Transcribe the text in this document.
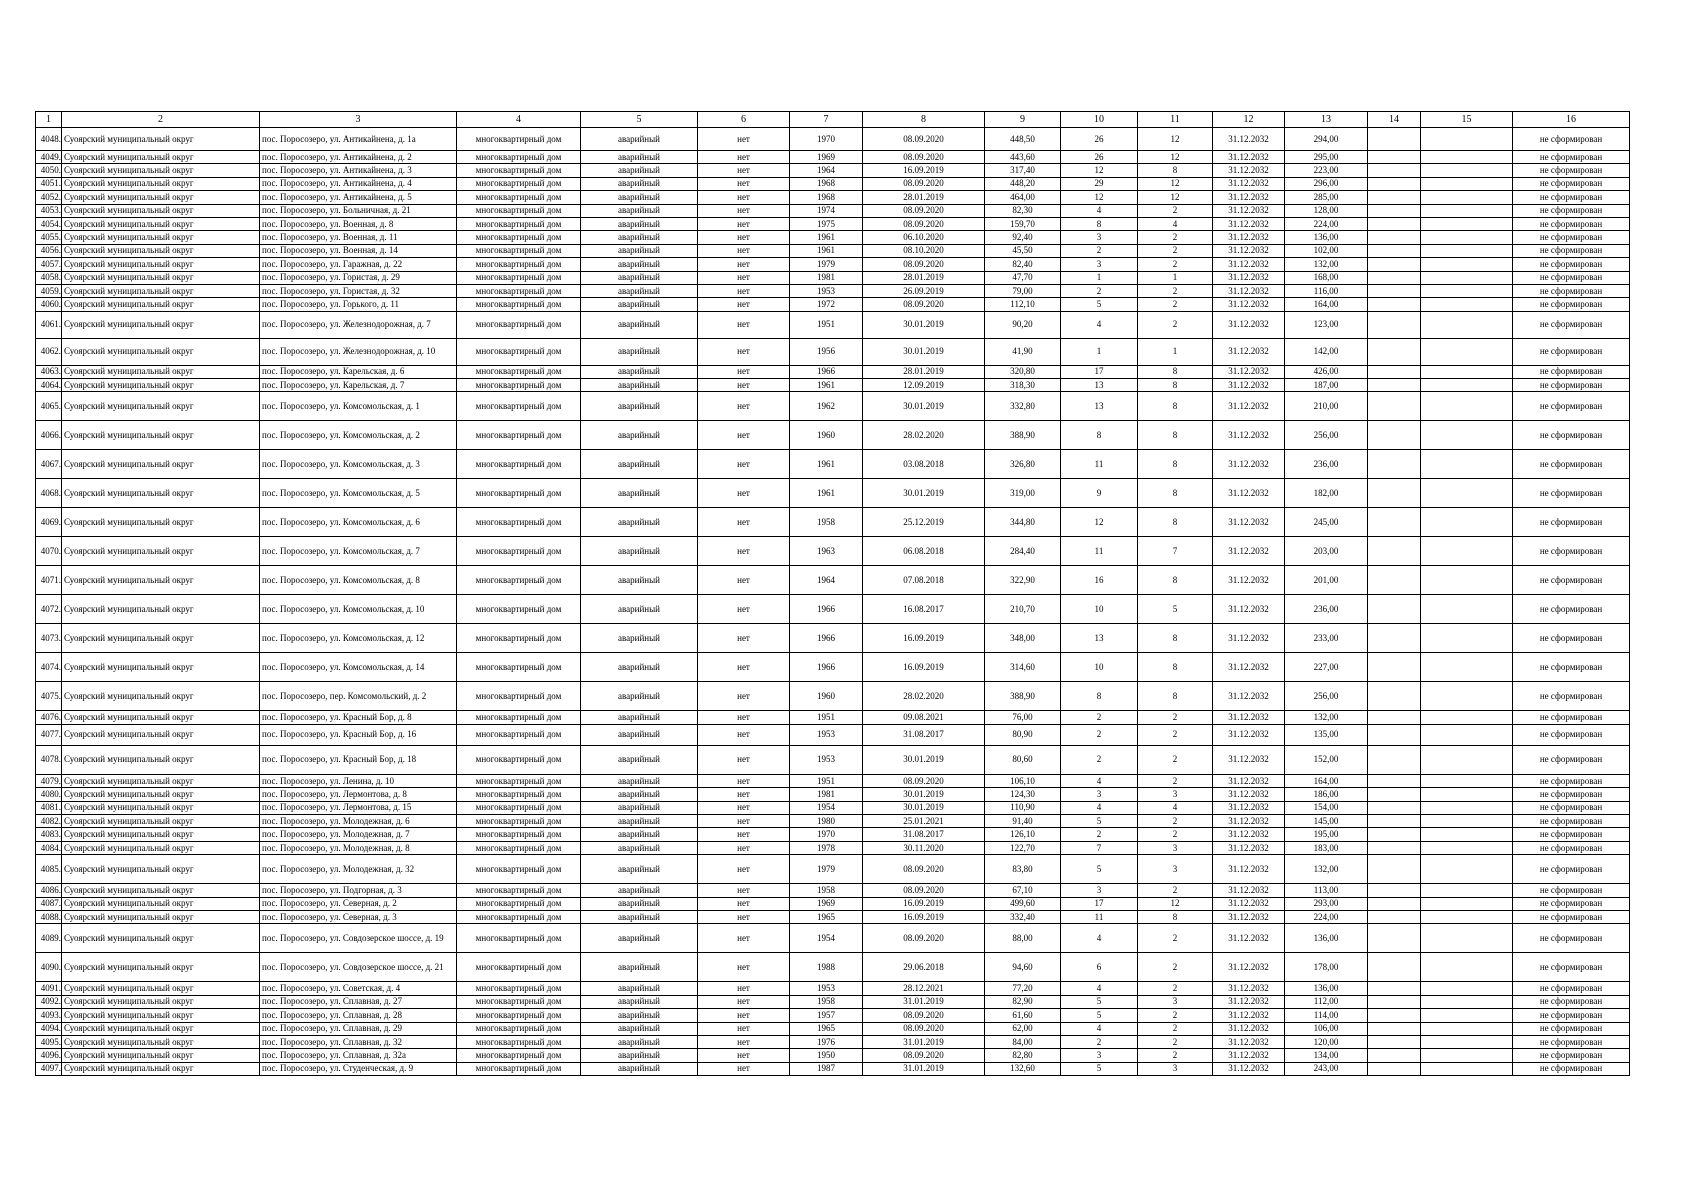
1	2	3	4	5	6	7	8	9	10	11	12	13	14	15	16
4048.	Суоярский муниципальный округ	пос. Поросозеро, ул. Антикайнена, д. 1а	многоквартирный дом	аварийный	нет	1970	08.09.2020	448,50	26	12	31.12.2032	294,00			не сформирован
4049.	Суоярский муниципальный округ	пос. Поросозеро, ул. Антикайнена, д. 2	многоквартирный дом	аварийный	нет	1969	08.09.2020	443,60	26	12	31.12.2032	295,00			не сформирован
4050.	Суоярский муниципальный округ	пос. Поросозеро, ул. Антикайнена, д. 3	многоквартирный дом	аварийный	нет	1964	16.09.2019	317,40	12	8	31.12.2032	223,00			не сформирован
4051.	Суоярский муниципальный округ	пос. Поросозеро, ул. Антикайнена, д. 4	многоквартирный дом	аварийный	нет	1968	08.09.2020	448,20	29	12	31.12.2032	296,00			не сформирован
4052.	Суоярский муниципальный округ	пос. Поросозеро, ул. Антикайнена, д. 5	многоквартирный дом	аварийный	нет	1968	28.01.2019	464,00	12	12	31.12.2032	285,00			не сформирован
4053.	Суоярский муниципальный округ	пос. Поросозеро, ул. Больничная, д. 21	многоквартирный дом	аварийный	нет	1974	08.09.2020	82,30	4	2	31.12.2032	128,00			не сформирован
4054.	Суоярский муниципальный округ	пос. Поросозеро, ул. Военная, д. 8	многоквартирный дом	аварийный	нет	1975	08.09.2020	159,70	8	4	31.12.2032	224,00			не сформирован
4055.	Суоярский муниципальный округ	пос. Поросозеро, ул. Военная, д. 11	многоквартирный дом	аварийный	нет	1961	06.10.2020	92,40	3	2	31.12.2032	136,00			не сформирован
4056.	Суоярский муниципальный округ	пос. Поросозеро, ул. Военная, д. 14	многоквартирный дом	аварийный	нет	1961	08.10.2020	45,50	2	2	31.12.2032	102,00			не сформирован
4057.	Суоярский муниципальный округ	пос. Поросозеро, ул. Гаражная, д. 22	многоквартирный дом	аварийный	нет	1979	08.09.2020	82,40	3	2	31.12.2032	132,00			не сформирован
4058.	Суоярский муниципальный округ	пос. Поросозеро, ул. Гористая, д. 29	многоквартирный дом	аварийный	нет	1981	28.01.2019	47,70	1	1	31.12.2032	168,00			не сформирован
4059.	Суоярский муниципальный округ	пос. Поросозеро, ул. Гористая, д. 32	многоквартирный дом	аварийный	нет	1953	26.09.2019	79,00	2	2	31.12.2032	116,00			не сформирован
4060.	Суоярский муниципальный округ	пос. Поросозеро, ул. Горького, д. 11	многоквартирный дом	аварийный	нет	1972	08.09.2020	112,10	5	2	31.12.2032	164,00			не сформирован
4061.	Суоярский муниципальный округ	пос. Поросозеро, ул. Железнодорожная, д. 7	многоквартирный дом	аварийный	нет	1951	30.01.2019	90,20	4	2	31.12.2032	123,00			не сформирован
4062.	Суоярский муниципальный округ	пос. Поросозеро, ул. Железнодорожная, д. 10	многоквартирный дом	аварийный	нет	1956	30.01.2019	41,90	1	1	31.12.2032	142,00			не сформирован
4063.	Суоярский муниципальный округ	пос. Поросозеро, ул. Карельская, д. 6	многоквартирный дом	аварийный	нет	1966	28.01.2019	320,80	17	8	31.12.2032	426,00			не сформирован
4064.	Суоярский муниципальный округ	пос. Поросозеро, ул. Карельская, д. 7	многоквартирный дом	аварийный	нет	1961	12.09.2019	318,30	13	8	31.12.2032	187,00			не сформирован
4065.	Суоярский муниципальный округ	пос. Поросозеро, ул. Комсомольская, д. 1	многоквартирный дом	аварийный	нет	1962	30.01.2019	332,80	13	8	31.12.2032	210,00			не сформирован
4066.	Суоярский муниципальный округ	пос. Поросозеро, ул. Комсомольская, д. 2	многоквартирный дом	аварийный	нет	1960	28.02.2020	388,90	8	8	31.12.2032	256,00			не сформирован
4067.	Суоярский муниципальный округ	пос. Поросозеро, ул. Комсомольская, д. 3	многоквартирный дом	аварийный	нет	1961	03.08.2018	326,80	11	8	31.12.2032	236,00			не сформирован
4068.	Суоярский муниципальный округ	пос. Поросозеро, ул. Комсомольская, д. 5	многоквартирный дом	аварийный	нет	1961	30.01.2019	319,00	9	8	31.12.2032	182,00			не сформирован
4069.	Суоярский муниципальный округ	пос. Поросозеро, ул. Комсомольская, д. 6	многоквартирный дом	аварийный	нет	1958	25.12.2019	344,80	12	8	31.12.2032	245,00			не сформирован
4070.	Суоярский муниципальный округ	пос. Поросозеро, ул. Комсомольская, д. 7	многоквартирный дом	аварийный	нет	1963	06.08.2018	284,40	11	7	31.12.2032	203,00			не сформирован
4071.	Суоярский муниципальный округ	пос. Поросозеро, ул. Комсомольская, д. 8	многоквартирный дом	аварийный	нет	1964	07.08.2018	322,90	16	8	31.12.2032	201,00			не сформирован
4072.	Суоярский муниципальный округ	пос. Поросозеро, ул. Комсомольская, д. 10	многоквартирный дом	аварийный	нет	1966	16.08.2017	210,70	10	5	31.12.2032	236,00			не сформирован
4073.	Суоярский муниципальный округ	пос. Поросозеро, ул. Комсомольская, д. 12	многоквартирный дом	аварийный	нет	1966	16.09.2019	348,00	13	8	31.12.2032	233,00			не сформирован
4074.	Суоярский муниципальный округ	пос. Поросозеро, ул. Комсомольская, д. 14	многоквартирный дом	аварийный	нет	1966	16.09.2019	314,60	10	8	31.12.2032	227,00			не сформирован
4075.	Суоярский муниципальный округ	пос. Поросозеро, пер. Комсомольский, д. 2	многоквартирный дом	аварийный	нет	1960	28.02.2020	388,90	8	8	31.12.2032	256,00			не сформирован
4076.	Суоярский муниципальный округ	пос. Поросозеро, ул. Красный Бор, д. 8	многоквартирный дом	аварийный	нет	1951	09.08.2021	76,00	2	2	31.12.2032	132,00			не сформирован
4077.	Суоярский муниципальный округ	пос. Поросозеро, ул. Красный Бор, д. 16	многоквартирный дом	аварийный	нет	1953	31.08.2017	80,90	2	2	31.12.2032	135,00			не сформирован
4078.	Суоярский муниципальный округ	пос. Поросозеро, ул. Красный Бор, д. 18	многоквартирный дом	аварийный	нет	1953	30.01.2019	80,60	2	2	31.12.2032	152,00			не сформирован
4079.	Суоярский муниципальный округ	пос. Поросозеро, ул. Ленина, д. 10	многоквартирный дом	аварийный	нет	1951	08.09.2020	106,10	4	2	31.12.2032	164,00			не сформирован
4080.	Суоярский муниципальный округ	пос. Поросозеро, ул. Лермонтова, д. 8	многоквартирный дом	аварийный	нет	1981	30.01.2019	124,30	3	3	31.12.2032	186,00			не сформирован
4081.	Суоярский муниципальный округ	пос. Поросозеро, ул. Лермонтова, д. 15	многоквартирный дом	аварийный	нет	1954	30.01.2019	110,90	4	4	31.12.2032	154,00			не сформирован
4082.	Суоярский муниципальный округ	пос. Поросозеро, ул. Молодежная, д. 6	многоквартирный дом	аварийный	нет	1980	25.01.2021	91,40	5	2	31.12.2032	145,00			не сформирован
4083.	Суоярский муниципальный округ	пос. Поросозеро, ул. Молодежная, д. 7	многоквартирный дом	аварийный	нет	1970	31.08.2017	126,10	2	2	31.12.2032	195,00			не сформирован
4084.	Суоярский муниципальный округ	пос. Поросозеро, ул. Молодежная, д. 8	многоквартирный дом	аварийный	нет	1978	30.11.2020	122,70	7	3	31.12.2032	183,00			не сформирован
4085.	Суоярский муниципальный округ	пос. Поросозеро, ул. Молодежная, д. 32	многоквартирный дом	аварийный	нет	1979	08.09.2020	83,80	5	3	31.12.2032	132,00			не сформирован
4086.	Суоярский муниципальный округ	пос. Поросозеро, ул. Подгорная, д. 3	многоквартирный дом	аварийный	нет	1958	08.09.2020	67,10	3	2	31.12.2032	113,00			не сформирован
4087.	Суоярский муниципальный округ	пос. Поросозеро, ул. Северная, д. 2	многоквартирный дом	аварийный	нет	1969	16.09.2019	499,60	17	12	31.12.2032	293,00			не сформирован
4088.	Суоярский муниципальный округ	пос. Поросозеро, ул. Северная, д. 3	многоквартирный дом	аварийный	нет	1965	16.09.2019	332,40	11	8	31.12.2032	224,00			не сформирован
4089.	Суоярский муниципальный округ	пос. Поросозеро, ул. Совдозерское шоссе, д. 19	многоквартирный дом	аварийный	нет	1954	08.09.2020	88,00	4	2	31.12.2032	136,00			не сформирован
4090.	Суоярский муниципальный округ	пос. Поросозеро, ул. Совдозерское шоссе, д. 21	многоквартирный дом	аварийный	нет	1988	29.06.2018	94,60	6	2	31.12.2032	178,00			не сформирован
4091.	Суоярский муниципальный округ	пос. Поросозеро, ул. Советская, д. 4	многоквартирный дом	аварийный	нет	1953	28.12.2021	77,20	4	2	31.12.2032	136,00			не сформирован
4092.	Суоярский муниципальный округ	пос. Поросозеро, ул. Сплавная, д. 27	многоквартирный дом	аварийный	нет	1958	31.01.2019	82,90	5	3	31.12.2032	112,00			не сформирован
4093.	Суоярский муниципальный округ	пос. Поросозеро, ул. Сплавная, д. 28	многоквартирный дом	аварийный	нет	1957	08.09.2020	61,60	5	2	31.12.2032	114,00			не сформирован
4094.	Суоярский муниципальный округ	пос. Поросозеро, ул. Сплавная, д. 29	многоквартирный дом	аварийный	нет	1965	08.09.2020	62,00	4	2	31.12.2032	106,00			не сформирован
4095.	Суоярский муниципальный округ	пос. Поросозеро, ул. Сплавная, д. 32	многоквартирный дом	аварийный	нет	1976	31.01.2019	84,00	2	2	31.12.2032	120,00			не сформирован
4096.	Суоярский муниципальный округ	пос. Поросозеро, ул. Сплавная, д. 32а	многоквартирный дом	аварийный	нет	1950	08.09.2020	82,80	3	2	31.12.2032	134,00			не сформирован
4097.	Суоярский муниципальный округ	пос. Поросозеро, ул. Студенческая, д. 9	многоквартирный дом	аварийный	нет	1987	31.01.2019	132,60	5	3	31.12.2032	243,00			не сформирован
